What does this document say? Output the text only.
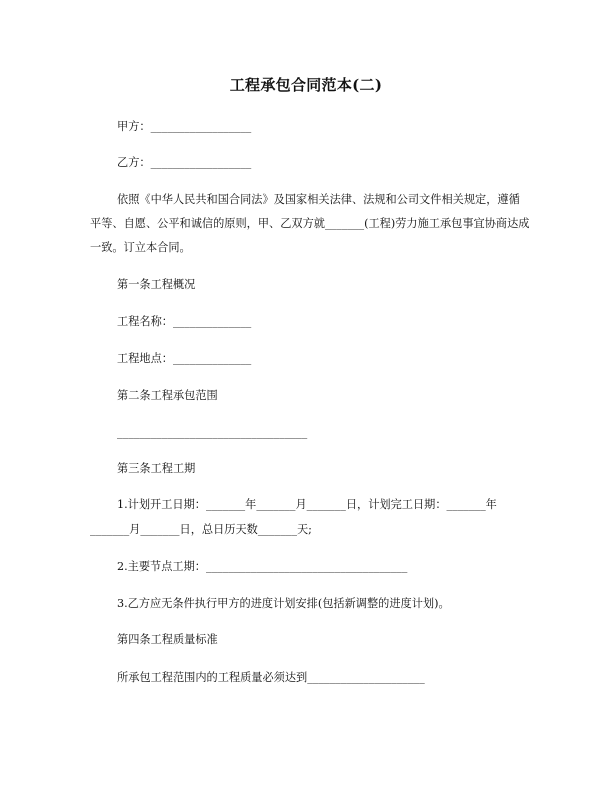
工程承包合同范本(二)
甲方：__________________
乙方：__________________
依照《中华人民共和国合同法》及国家相关法律、法规和公司文件相关规定，遵循平等、自愿、公平和诚信的原则，甲、乙双方就_______(工程)劳力施工承包事宜协商达成一致。订立本合同。
第一条工程概况
工程名称：______________
工程地点：______________
第二条工程承包范围
__________________________________
第三条工程工期
1.计划开工日期：_______年_______月_______日，计划完工日期：_______年
_______月_______日，总日历天数_______天;
2.主要节点工期：____________________________________
3.乙方应无条件执行甲方的进度计划安排(包括新调整的进度计划)。
第四条工程质量标准
所承包工程范围内的工程质量必须达到_____________________
